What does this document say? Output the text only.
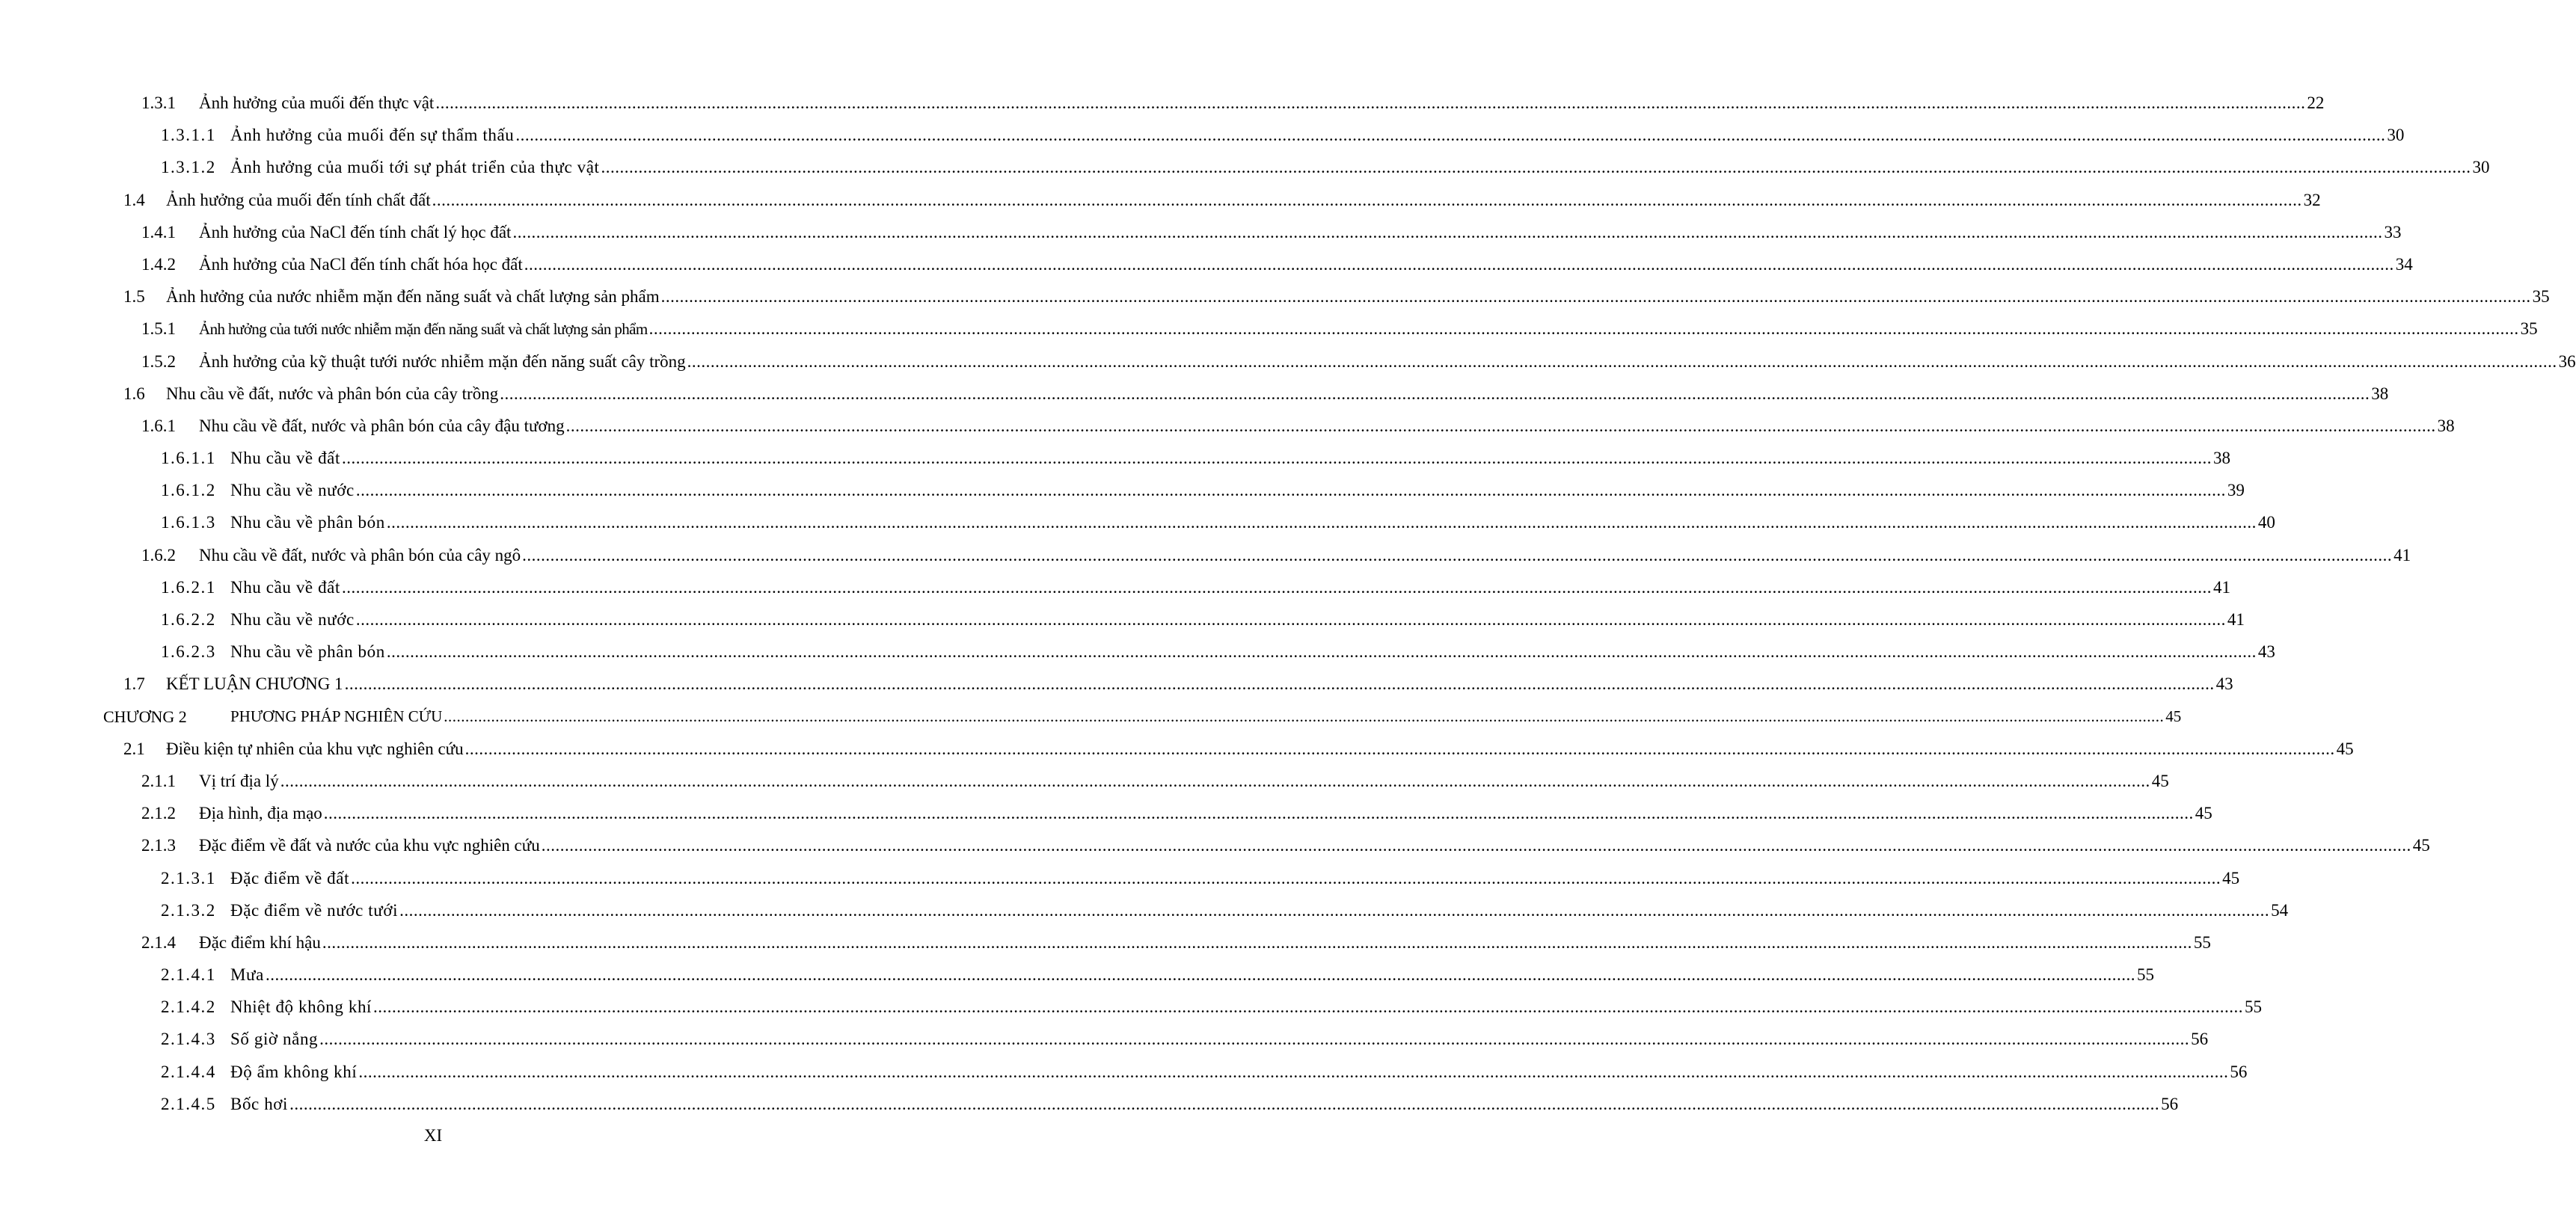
1.3.1 Ảnh hưởng của muối đến thực vật ................................................................................................................................................................................................................................................................................................................................................................................................................ 22
1.3.1.1 Ảnh hưởng của muối đến sự thẩm thấu ................................................................................................................................................................................................................................................................................................................................................................................................................ 30
1.3.1.2 Ảnh hưởng của muối tới sự phát triển của thực vật ................................................................................................................................................................................................................................................................................................................................................................................................................ 30
1.4 Ảnh hưởng của muối đến tính chất đất ................................................................................................................................................................................................................................................................................................................................................................................................................ 32
1.4.1 Ảnh hưởng của NaCl đến tính chất lý học đất ................................................................................................................................................................................................................................................................................................................................................................................................................ 33
1.4.2 Ảnh hưởng của NaCl đến tính chất hóa học đất ................................................................................................................................................................................................................................................................................................................................................................................................................ 34
1.5 Ảnh hưởng của nước nhiễm mặn đến năng suất và chất lượng sản phẩm ................................................................................................................................................................................................................................................................................................................................................................................................................ 35
1.5.1 Ảnh hưởng của tưới nước nhiễm mặn đến năng suất và chất lượng sản phẩm ................................................................................................................................................................................................................................................................................................................................................................................................................ 35
1.5.2 Ảnh hưởng của kỹ thuật tưới nước nhiễm mặn đến năng suất cây trồng ................................................................................................................................................................................................................................................................................................................................................................................................................ 36
1.6 Nhu cầu về đất, nước và phân bón của cây trồng ................................................................................................................................................................................................................................................................................................................................................................................................................ 38
1.6.1 Nhu cầu về đất, nước và phân bón của cây đậu tương ................................................................................................................................................................................................................................................................................................................................................................................................................ 38
1.6.1.1 Nhu cầu về đất ................................................................................................................................................................................................................................................................................................................................................................................................................ 38
1.6.1.2 Nhu cầu về nước ................................................................................................................................................................................................................................................................................................................................................................................................................ 39
1.6.1.3 Nhu cầu về phân bón ................................................................................................................................................................................................................................................................................................................................................................................................................ 40
1.6.2 Nhu cầu về đất, nước và phân bón của cây ngô ................................................................................................................................................................................................................................................................................................................................................................................................................ 41
1.6.2.1 Nhu cầu về đất ................................................................................................................................................................................................................................................................................................................................................................................................................ 41
1.6.2.2 Nhu cầu về nước ................................................................................................................................................................................................................................................................................................................................................................................................................ 41
1.6.2.3 Nhu cầu về phân bón ................................................................................................................................................................................................................................................................................................................................................................................................................ 43
1.7 KẾT LUẬN CHƯƠNG 1 ................................................................................................................................................................................................................................................................................................................................................................................................................ 43
CHƯƠNG 2	PHƯƠNG PHÁP NGHIÊN CỨU ................................................................................................................................................................................................................................................................................................................................................................................................................ 45
2.1 Điều kiện tự nhiên của khu vực nghiên cứu ................................................................................................................................................................................................................................................................................................................................................................................................................ 45
2.1.1 Vị trí địa lý ................................................................................................................................................................................................................................................................................................................................................................................................................ 45
2.1.2 Địa hình, địa mạo ................................................................................................................................................................................................................................................................................................................................................................................................................ 45
2.1.3 Đặc điểm về đất và nước của khu vực nghiên cứu ................................................................................................................................................................................................................................................................................................................................................................................................................ 45
2.1.3.1 Đặc điểm về đất ................................................................................................................................................................................................................................................................................................................................................................................................................ 45
2.1.3.2 Đặc điểm về nước tưới ................................................................................................................................................................................................................................................................................................................................................................................................................ 54
2.1.4 Đặc điểm khí hậu ................................................................................................................................................................................................................................................................................................................................................................................................................ 55
2.1.4.1 Mưa ................................................................................................................................................................................................................................................................................................................................................................................................................ 55
2.1.4.2 Nhiệt độ không khí ................................................................................................................................................................................................................................................................................................................................................................................................................ 55
2.1.4.3 Số giờ nắng ................................................................................................................................................................................................................................................................................................................................................................................................................ 56
2.1.4.4 Độ ẩm không khí ................................................................................................................................................................................................................................................................................................................................................................................................................ 56
2.1.4.5 Bốc hơi ................................................................................................................................................................................................................................................................................................................................................................................................................ 56
XI
